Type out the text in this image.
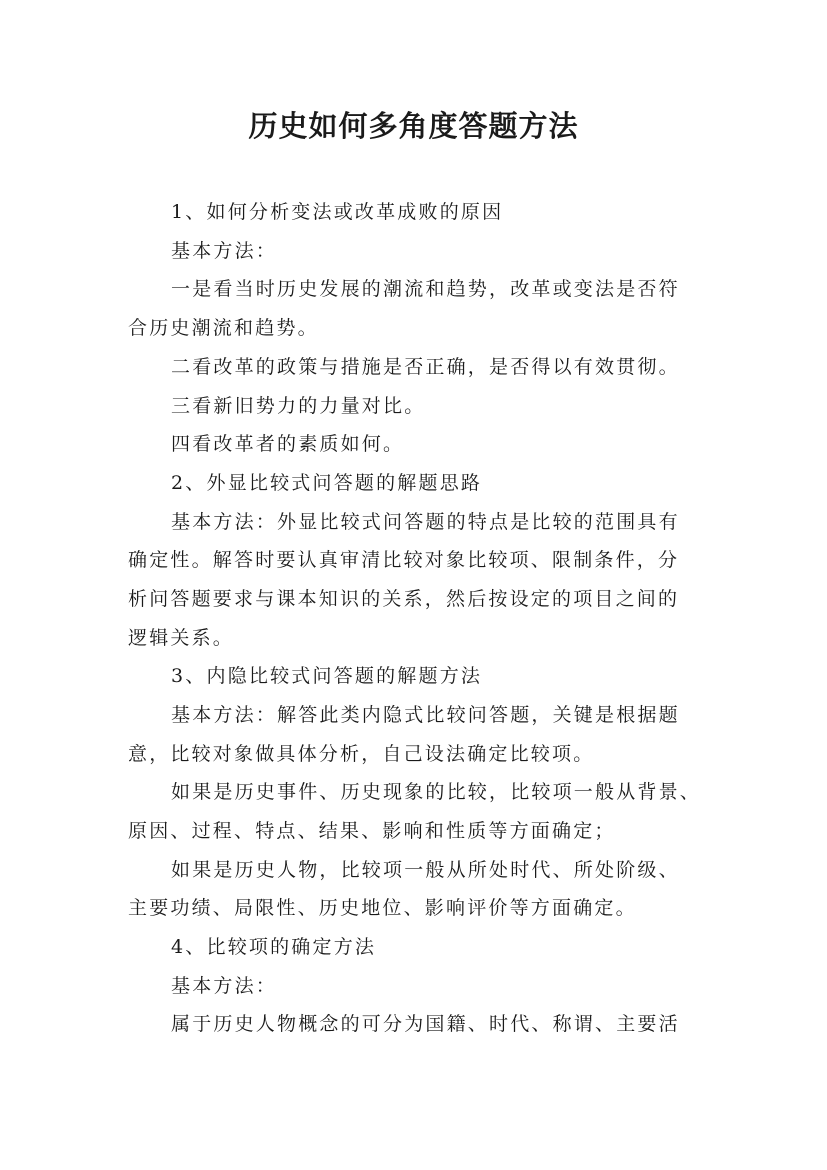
历史如何多角度答题方法

1、如何分析变法或改革成败的原因

基本方法：

一是看当时历史发展的潮流和趋势，改革或变法是否符

合历史潮流和趋势。

二看改革的政策与措施是否正确，是否得以有效贯彻。

三看新旧势力的力量对比。

四看改革者的素质如何。

2、外显比较式问答题的解题思路

基本方法：外显比较式问答题的特点是比较的范围具有

确定性。解答时要认真审清比较对象比较项、限制条件，分

析问答题要求与课本知识的关系，然后按设定的项目之间的

逻辑关系。

3、内隐比较式问答题的解题方法

基本方法：解答此类内隐式比较问答题，关键是根据题

意，比较对象做具体分析，自己设法确定比较项。

如果是历史事件、历史现象的比较，比较项一般从背景、

原因、过程、特点、结果、影响和性质等方面确定；

如果是历史人物，比较项一般从所处时代、所处阶级、

主要功绩、局限性、历史地位、影响评价等方面确定。

4、比较项的确定方法

基本方法：

属于历史人物概念的可分为国籍、时代、称谓、主要活
